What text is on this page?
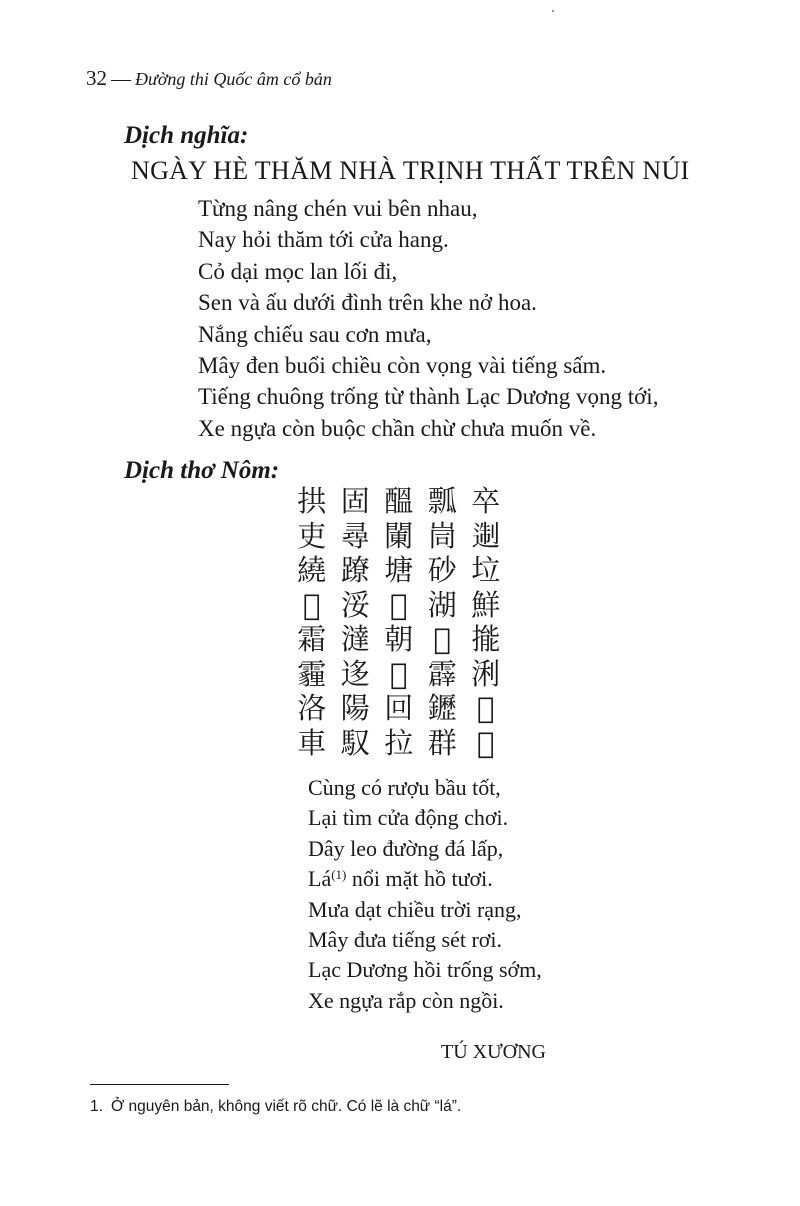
32 — Đường thi Quốc âm cổ bản
Dịch nghĩa:
NGÀY HÈ THĂM NHÀ TRỊNH THẤT TRÊN NÚI
Từng nâng chén vui bên nhau,
Nay hỏi thăm tới cửa hang.
Cỏ dại mọc lan lối đi,
Sen và ấu dưới đình trên khe nở hoa.
Nắng chiếu sau cơn mưa,
Mây đen buổi chiều còn vọng vài tiếng sấm.
Tiếng chuông trống từ thành Lạc Dương vọng tới,
Xe ngựa còn buộc chần chừ chưa muốn về.
Dịch thơ Nôm:
拱 固 醞 瓢 卒
吏 尋 䦨 峝 𨔈
繞 蹽 塘 砂 垃
𦲿 浽 𩈘 湖 鮮
霜 澾 朝 𡗶 㨢
霾 迻 𠯇 霹 浰
洛 陽 回 䥶 𣋽
車 馭 拉 群 𡎝
Cùng có rượu bầu tốt,
Lại tìm cửa động chơi.
Dây leo đường đá lấp,
Lá$^{(1)}$ nổi mặt hồ tươi.
Mưa dạt chiều trời rạng,
Mây đưa tiếng sét rơi.
Lạc Dương hồi trống sớm,
Xe ngựa rắp còn ngồi.
TÚ XƯƠNG
1. Ở nguyên bản, không viết rõ chữ. Có lẽ là chữ “lá”.
